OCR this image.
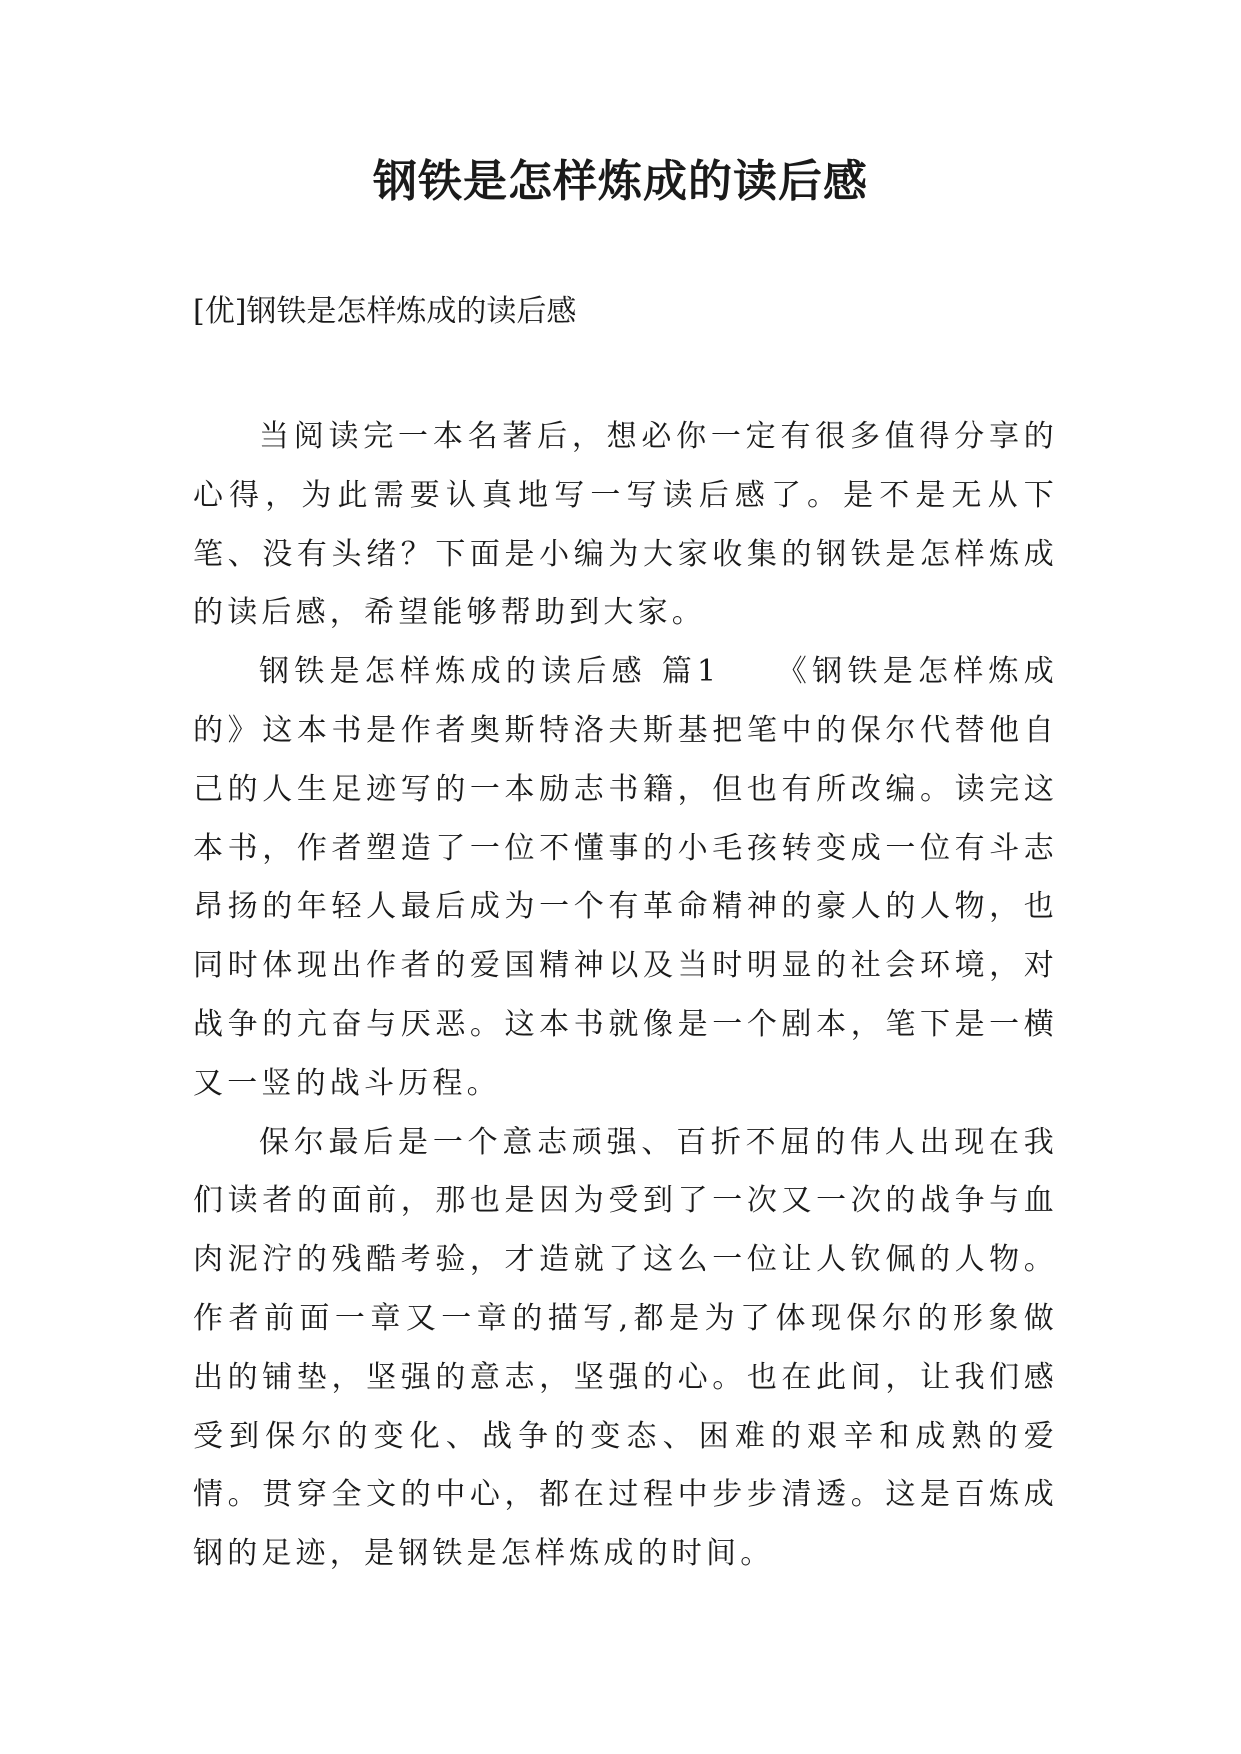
钢铁是怎样炼成的读后感

[优]钢铁是怎样炼成的读后感

当阅读完一本名著后，想必你一定有很多值得分享的心得，为此需要认真地写一写读后感了。是不是无从下笔、没有头绪？下面是小编为大家收集的钢铁是怎样炼成的读后感，希望能够帮助到大家。

钢铁是怎样炼成的读后感 篇1　　《钢铁是怎样炼成的》这本书是作者奥斯特洛夫斯基把笔中的保尔代替他自己的人生足迹写的一本励志书籍，但也有所改编。读完这本书，作者塑造了一位不懂事的小毛孩转变成一位有斗志昂扬的年轻人最后成为一个有革命精神的豪人的人物，也同时体现出作者的爱国精神以及当时明显的社会环境，对战争的亢奋与厌恶。这本书就像是一个剧本，笔下是一横又一竖的战斗历程。

保尔最后是一个意志顽强、百折不屈的伟人出现在我们读者的面前，那也是因为受到了一次又一次的战争与血肉泥泞的残酷考验，才造就了这么一位让人钦佩的人物。作者前面一章又一章的描写,都是为了体现保尔的形象做出的铺垫，坚强的意志，坚强的心。也在此间，让我们感受到保尔的变化、战争的变态、困难的艰辛和成熟的爱情。贯穿全文的中心，都在过程中步步清透。这是百炼成钢的足迹，是钢铁是怎样炼成的时间。
